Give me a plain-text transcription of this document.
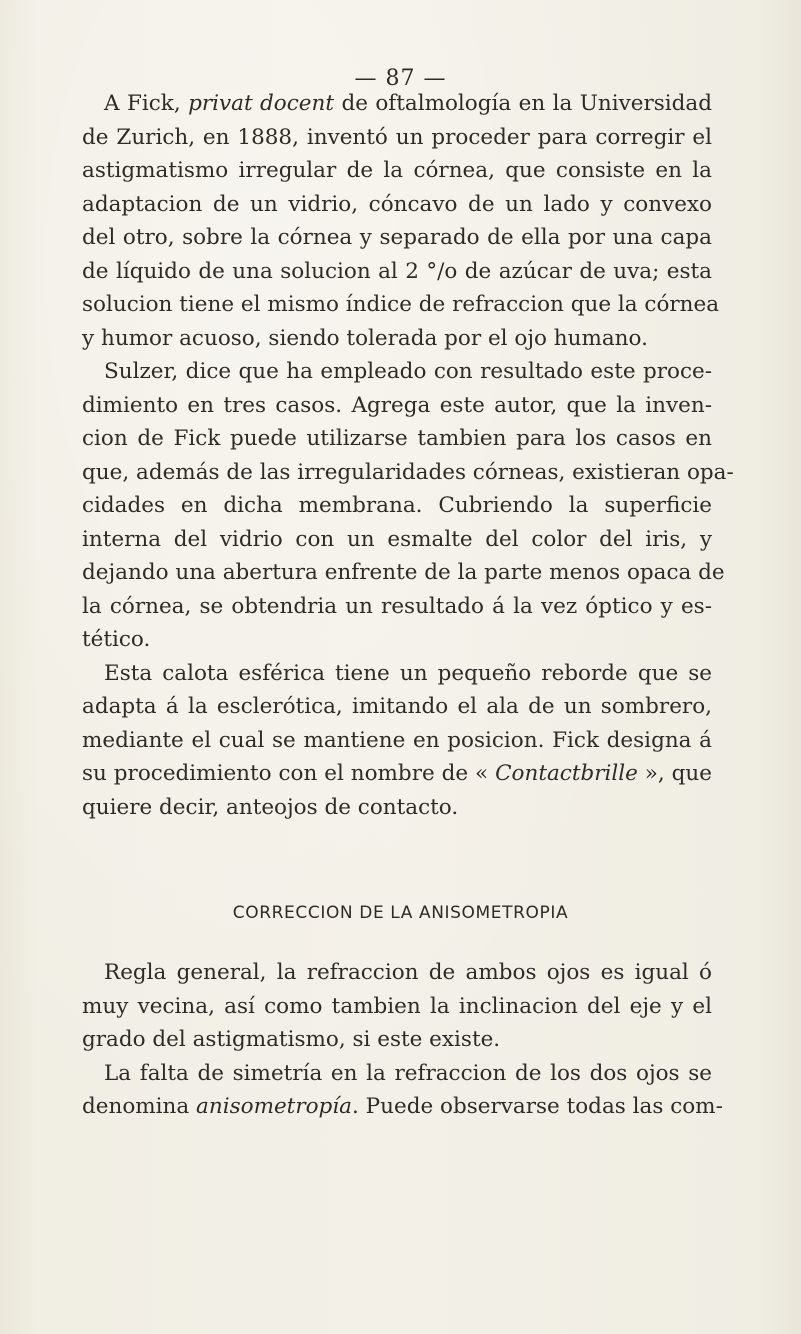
— 87 —
A Fick, privat docent de oftalmología en la Universidad
de Zurich, en 1888, inventó un proceder para corregir el
astigmatismo irregular de la córnea, que consiste en la
adaptacion de un vidrio, cóncavo de un lado y convexo
del otro, sobre la córnea y separado de ella por una capa
de líquido de una solucion al 2 °/o de azúcar de uva; esta
solucion tiene el mismo índice de refraccion que la córnea
y humor acuoso, siendo tolerada por el ojo humano.
Sulzer, dice que ha empleado con resultado este proce-
dimiento en tres casos. Agrega este autor, que la inven-
cion de Fick puede utilizarse tambien para los casos en
que, además de las irregularidades córneas, existieran opa-
cidades en dicha membrana. Cubriendo la superficie
interna del vidrio con un esmalte del color del iris, y
dejando una abertura enfrente de la parte menos opaca de
la córnea, se obtendria un resultado á la vez óptico y es-
tético.
Esta calota esférica tiene un pequeño reborde que se
adapta á la esclerótica, imitando el ala de un sombrero,
mediante el cual se mantiene en posicion. Fick designa á
su procedimiento con el nombre de « Contactbrille », que
quiere decir, anteojos de contacto.
CORRECCION DE LA ANISOMETROPIA
Regla general, la refraccion de ambos ojos es igual ó
muy vecina, así como tambien la inclinacion del eje y el
grado del astigmatismo, si este existe.
La falta de simetría en la refraccion de los dos ojos se
denomina anisometropía. Puede observarse todas las com-
